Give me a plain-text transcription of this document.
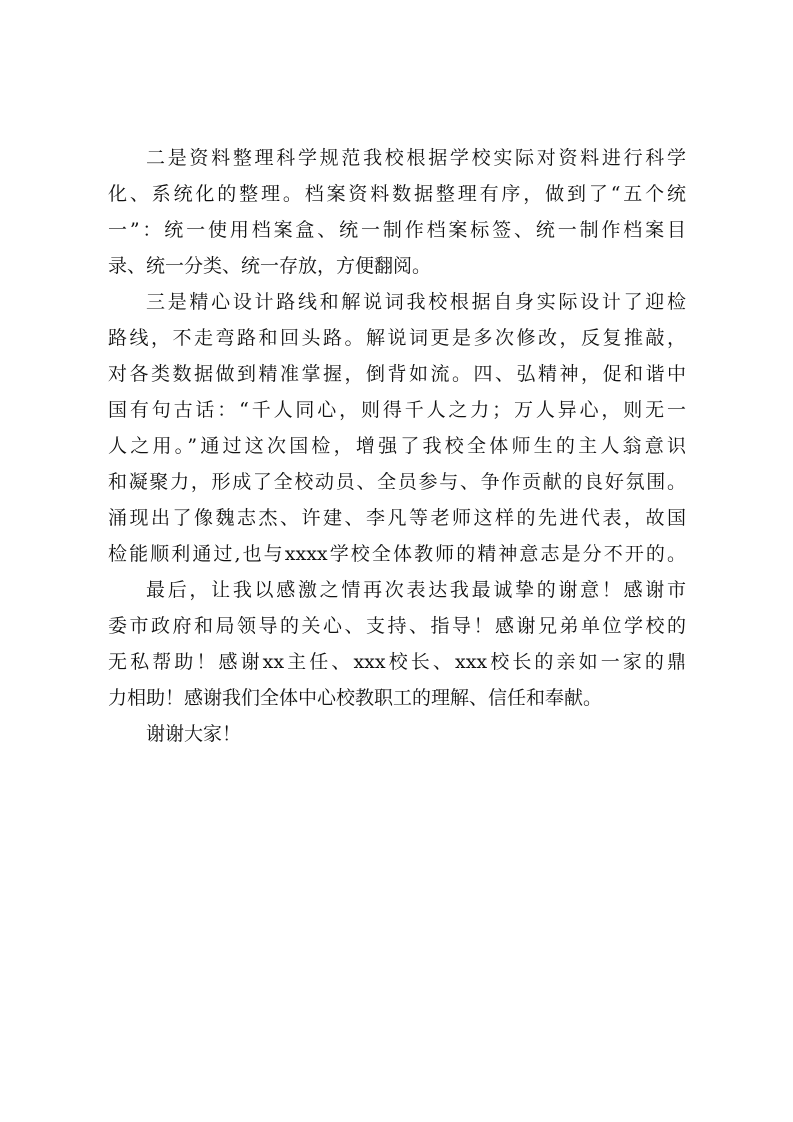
二是资料整理科学规范我校根据学校实际对资料进行科学
化、系统化的整理。档案资料数据整理有序，做到了“五个统
一”：统一使用档案盒、统一制作档案标签、统一制作档案目
录、统一分类、统一存放，方便翻阅。
三是精心设计路线和解说词我校根据自身实际设计了迎检
路线，不走弯路和回头路。解说词更是多次修改，反复推敲，
对各类数据做到精准掌握，倒背如流。四、弘精神，促和谐中
国有句古话：“千人同心，则得千人之力；万人异心，则无一
人之用。”通过这次国检，增强了我校全体师生的主人翁意识
和凝聚力，形成了全校动员、全员参与、争作贡献的良好氛围。
涌现出了像魏志杰、许建、李凡等老师这样的先进代表，故国
检能顺利通过,也与xxxx学校全体教师的精神意志是分不开的。
最后，让我以感激之情再次表达我最诚挚的谢意！感谢市
委市政府和局领导的关心、支持、指导！感谢兄弟单位学校的
无私帮助！感谢xx主任、xxx校长、xxx校长的亲如一家的鼎
力相助！感谢我们全体中心校教职工的理解、信任和奉献。
谢谢大家！
